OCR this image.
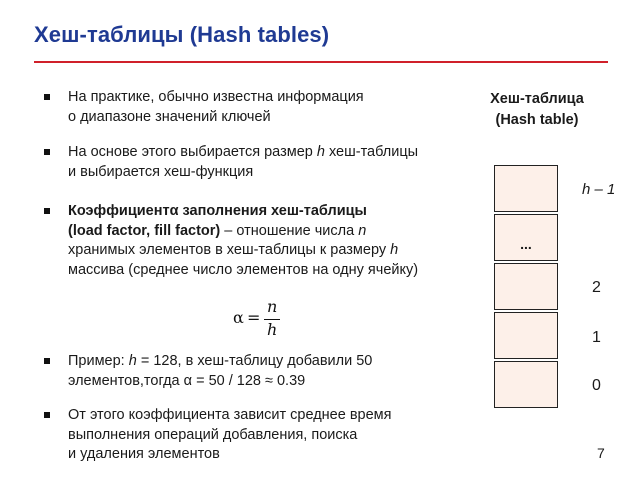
Хеш-таблицы (Hash tables)
На практике, обычно известна информация
о диапазоне значений ключей
На основе этого выбирается размер h хеш-таблицы
и выбирается хеш-функция
Коэффициентα заполнения хеш-таблицы
(load factor, fill factor) – отношение числа n
хранимых элементов в хеш-таблицы к размеру h
массива (среднее число элементов на одну ячейку)
Пример: h = 128, в хеш-таблицу добавили 50
элементов,тогда α = 50 / 128 ≈ 0.39
От этого коэффициента зависит среднее время
выполнения операций добавления, поиска
и удаления элементов
α =
n
h
Хеш-таблица
(Hash table)
...
h – 1
2
1
0
7
